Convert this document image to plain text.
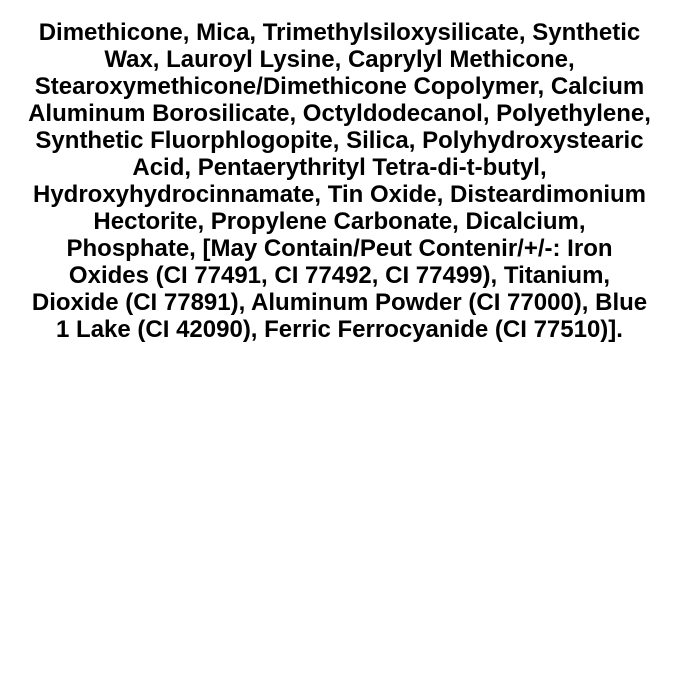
Dimethicone, Mica, Trimethylsiloxysilicate, Synthetic
Wax, Lauroyl Lysine, Caprylyl Methicone,
Stearoxymethicone/Dimethicone Copolymer, Calcium
Aluminum Borosilicate, Octyldodecanol, Polyethylene,
Synthetic Fluorphlogopite, Silica, Polyhydroxystearic
Acid, Pentaerythrityl Tetra-di-t-butyl,
Hydroxyhydrocinnamate, Tin Oxide, Disteardimonium
Hectorite, Propylene Carbonate, Dicalcium,
Phosphate, [May Contain/Peut Contenir/+/-: Iron
Oxides (CI 77491, CI 77492, CI 77499), Titanium,
Dioxide (CI 77891), Aluminum Powder (CI 77000), Blue
1 Lake (CI 42090), Ferric Ferrocyanide (CI 77510)].
